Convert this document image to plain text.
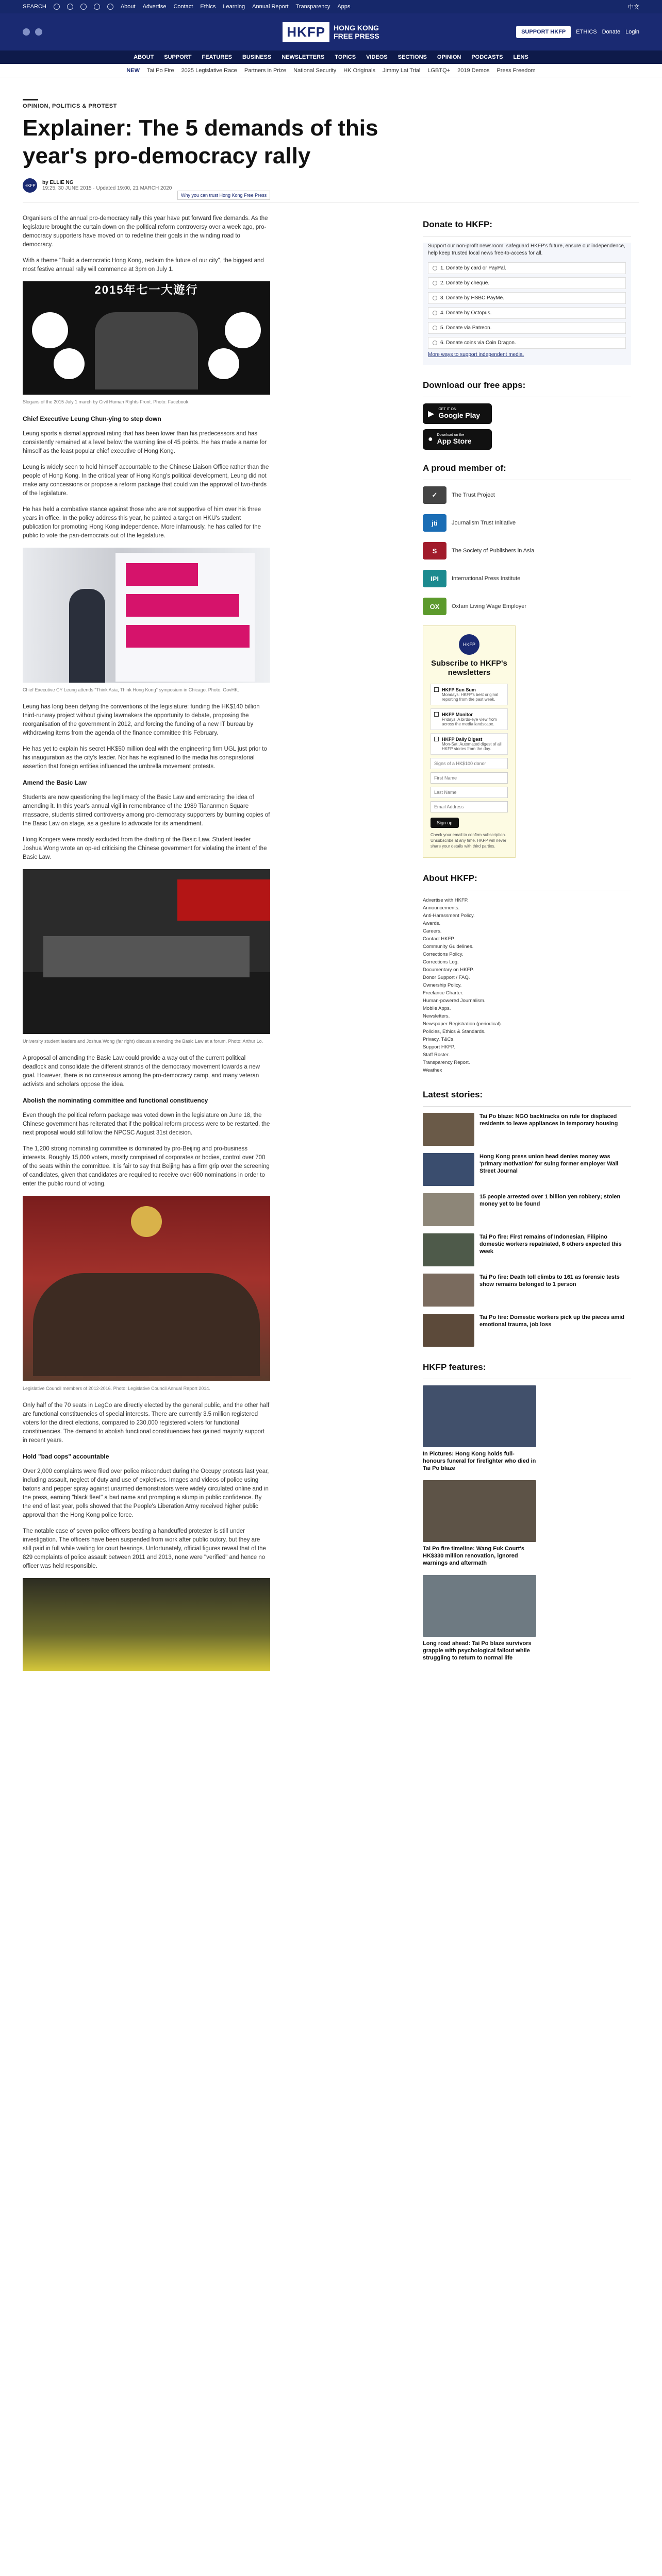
SEARCH	About Advertise Contact Ethics Learning Annual Report Transparency Apps	中文
HKFP	HONG KONG
FREE PRESS	SUPPORT HKFP	ETHICS Donate Login
ABOUT SUPPORT FEATURES BUSINESS NEWSLETTERS TOPICS VIDEOS SECTIONS OPINION PODCASTS LENS
NEW Tai Po Fire 2025 Legislative Race Partners in Prize National Security HK Originals Jimmy Lai Trial LGBTQ+ 2019 Demos Press Freedom
OPINION, POLITICS & PROTEST
Explainer: The 5 demands of this year's pro-democracy rally
HKFP	by ELLIE NG
19:25, 30 JUNE 2015 · Updated 19:00, 21 MARCH 2020
Why you can trust Hong Kong Free Press

Organisers of the annual pro-democracy rally this year have put forward five demands. As the legislature brought the curtain down on the political reform controversy over a week ago, pro-democracy supporters have moved on to redefine their goals in the winding road to democracy.

With a theme "Build a democratic Hong Kong, reclaim the future of our city", the biggest and most festive annual rally will commence at 3pm on July 1.

2015年七一大遊行

Slogans of the 2015 July 1 march by Civil Human Rights Front. Photo: Facebook.

Chief Executive Leung Chun-ying to step down

Leung sports a dismal approval rating that has been lower than his predecessors and has consistently remained at a level below the warning line of 45 points. He has made a name for himself as the least popular chief executive of Hong Kong.

Leung is widely seen to hold himself accountable to the Chinese Liaison Office rather than the people of Hong Kong. In the critical year of Hong Kong's political development, Leung did not make any concessions or propose a reform package that could win the approval of two-thirds of the legislature.

He has held a combative stance against those who are not supportive of him over his three years in office. In the policy address this year, he painted a target on HKU's student publication for promoting Hong Kong independence. More infamously, he has called for the public to vote the pan-democrats out of the legislature.

Chief Executive CY Leung attends "Think Asia, Think Hong Kong" symposium in Chicago. Photo: GovHK.

Leung has long been defying the conventions of the legislature: funding the HK$140 billion third-runway project without giving lawmakers the opportunity to debate, proposing the reorganisation of the government in 2012, and forcing the funding of a new IT bureau by withdrawing items from the agenda of the finance committee this February.

He has yet to explain his secret HK$50 million deal with the engineering firm UGL just prior to his inauguration as the city's leader. Nor has he explained to the media his conspiratorial assertion that foreign entities influenced the umbrella movement protests.

Amend the Basic Law

Students are now questioning the legitimacy of the Basic Law and embracing the idea of amending it. In this year's annual vigil in remembrance of the 1989 Tiananmen Square massacre, students stirred controversy among pro-democracy supporters by burning copies of the Basic Law on stage, as a gesture to advocate for its amendment.

Hong Kongers were mostly excluded from the drafting of the Basic Law. Student leader Joshua Wong wrote an op-ed criticising the Chinese government for violating the intent of the Basic Law.

University student leaders and Joshua Wong (far right) discuss amending the Basic Law at a forum. Photo: Arthur Lo.

A proposal of amending the Basic Law could provide a way out of the current political deadlock and consolidate the different strands of the democracy movement towards a new goal. However, there is no consensus among the pro-democracy camp, and many veteran activists and scholars oppose the idea.

Abolish the nominating committee and functional constituency

Even though the political reform package was voted down in the legislature on June 18, the Chinese government has reiterated that if the political reform process were to be restarted, the next proposal would still follow the NPCSC August 31st decision.

The 1,200 strong nominating committee is dominated by pro-Beijing and pro-business interests. Roughly 15,000 voters, mostly comprised of corporates or bodies, control over 700 of the seats within the committee. It is fair to say that Beijing has a firm grip over the screening of candidates, given that candidates are required to receive over 600 nominations in order to enter the public round of voting.

Legislative Council members of 2012-2016. Photo: Legislative Council Annual Report 2014.

Only half of the 70 seats in LegCo are directly elected by the general public, and the other half are functional constituencies of special interests. There are currently 3.5 million registered voters for the direct elections, compared to 230,000 registered voters for functional constituencies. The demand to abolish functional constituencies has gained majority support in recent years.

Hold "bad cops" accountable

Over 2,000 complaints were filed over police misconduct during the Occupy protests last year, including assault, neglect of duty and use of expletives. Images and videos of police using batons and pepper spray against unarmed demonstrators were widely circulated online and in the press, earning "black fleet" a bad name and prompting a slump in public confidence. By the end of last year, polls showed that the People's Liberation Army received higher public approval than the Hong Kong police force.

The notable case of seven police officers beating a handcuffed protester is still under investigation. The officers have been suspended from work after public outcry, but they are still paid in full while waiting for court hearings. Unfortunately, official figures reveal that of the 829 complaints of police assault between 2011 and 2013, none were "verified" and hence no officer was held responsible.

Donate to HKFP:

Support our non-profit newsroom: safeguard HKFP's future, ensure our independence, help keep trusted local news free-to-access for all.

1. Donate by card or PayPal.
2. Donate by cheque.
3. Donate by HSBC PayMe.
4. Donate by Octopus.
5. Donate via Patreon.
6. Donate coins via Coin Dragon.
More ways to support independent media.
Download our free apps:
▶
GET IT ON
Google Play
● Download on the
App Store
A proud member of:
✓	The Trust Project
jti	Journalism Trust Initiative
S	The Society of Publishers in Asia
IPI	International Press Institute
OX	Oxfam Living Wage Employer
HKFP
Subscribe to HKFP's newsletters
HKFP Sun Sum
Mondays: HKFP's best original reporting from the past week.
HKFP Monitor
Fridays: A birds-eye view from across the media landscape.
HKFP Daily Digest
Mon-Sat: Automated digest of all HKFP stories from the day.
Signs of a HK$100 donor First Name Last Name Email Address Sign up

Check your email to confirm subscription. Unsubscribe at any time. HKFP will never share your details with third parties.

About HKFP:
Advertise with HKFP.
Announcements.
Anti-Harassment Policy.
Awards.
Careers.
Contact HKFP.
Community Guidelines.
Corrections Policy.
Corrections Log.
Documentary on HKFP.
Donor Support / FAQ.
Ownership Policy.
Freelance Charter.
Human-powered Journalism.
Mobile Apps.
Newsletters.
Newspaper Registration (periodical).
Policies, Ethics & Standards.
Privacy, T&Cs.
Support HKFP.
Staff Roster.
Transparency Report.
Weathex
Latest stories:
Tai Po blaze: NGO backtracks on rule for displaced residents to leave appliances in temporary housing
Hong Kong press union head denies money was 'primary motivation' for suing former employer Wall Street Journal
15 people arrested over 1 billion yen robbery; stolen money yet to be found
Tai Po fire: First remains of Indonesian, Filipino domestic workers repatriated, 8 others expected this week
Tai Po fire: Death toll climbs to 161 as forensic tests show remains belonged to 1 person
Tai Po fire: Domestic workers pick up the pieces amid emotional trauma, job loss
HKFP features:
In Pictures: Hong Kong holds full-honours funeral for firefighter who died in Tai Po blaze
Tai Po fire timeline: Wang Fuk Court's HK$330 million renovation, ignored warnings and aftermath
Long road ahead: Tai Po blaze survivors grapple with psychological fallout while struggling to return to normal life
